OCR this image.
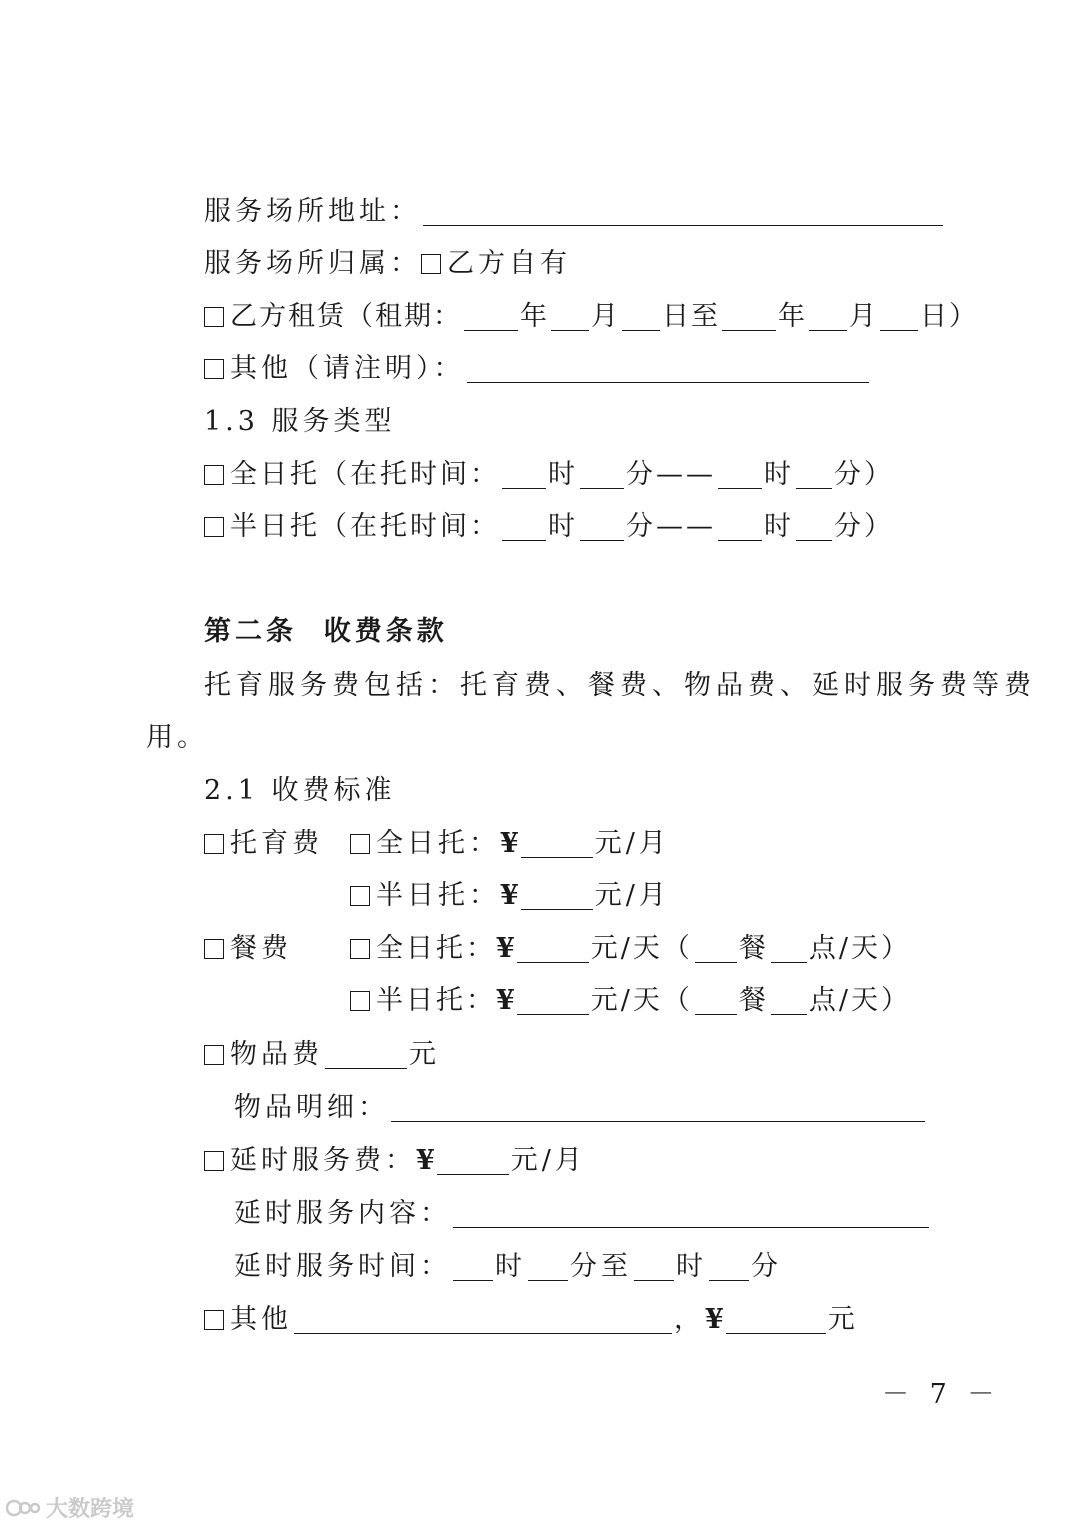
服务场所地址：
服务场所归属： 乙方自有
乙方租赁（租期： 年 月 日至 年 月 日）
其他（请注明）：
1.3 服务类型
全日托（在托时间： 时 分—— 时 分）
半日托（在托时间： 时 分—— 时 分）
第二条  收费条款
托育服务费包括：托育费、餐费、物品费、延时服务费等费
用。
2.1 收费标准
托育费	全日托：¥	元/月
半日托：¥	元/月
餐费	全日托：¥	元/天（ 餐 点/天）
半日托：¥	元/天（ 餐 点/天）
物品费	元
物品明细：
延时服务费：¥	元/月
延时服务内容：
延时服务时间： 时 分至 时 分
其他	，¥	元
－ 7 －
大数跨境
